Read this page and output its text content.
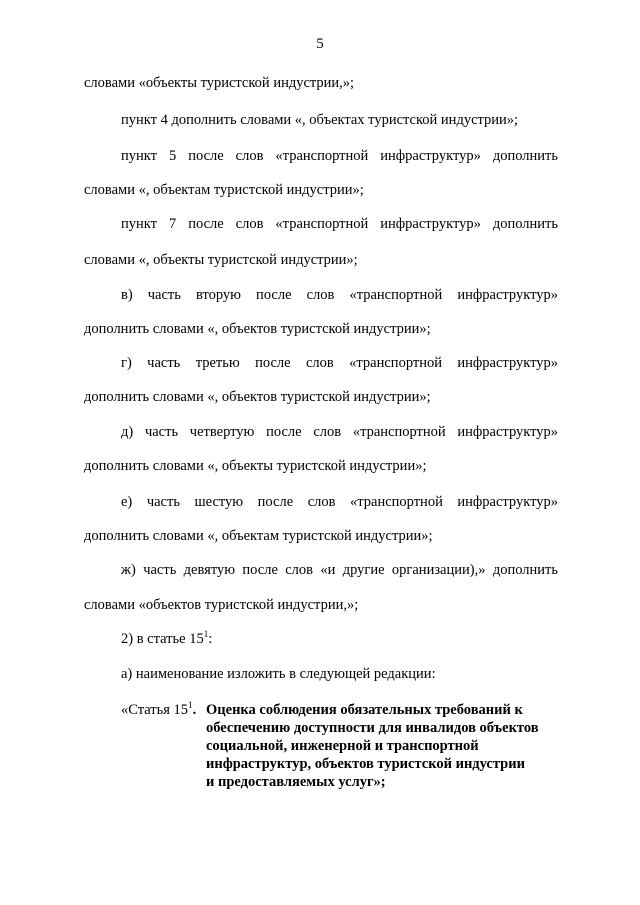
5
словами «объекты туристской индустрии,»;
пункт 4 дополнить словами «, объектах туристской индустрии»;
пункт 5 после слов «транспортной инфраструктур» дополнить
словами «, объектам туристской индустрии»;
пункт 7 после слов «транспортной инфраструктур» дополнить
словами «, объекты туристской индустрии»;
в) часть вторую после слов «транспортной инфраструктур»
дополнить словами «, объектов туристской индустрии»;
г) часть третью после слов «транспортной инфраструктур»
дополнить словами «, объектов туристской индустрии»;
д) часть четвертую после слов «транспортной инфраструктур»
дополнить словами «, объекты туристской индустрии»;
е) часть шестую после слов «транспортной инфраструктур»
дополнить словами «, объектам туристской индустрии»;
ж) часть девятую после слов «и другие организации),» дополнить
словами «объектов туристской индустрии,»;
2) в статье $15^1$:
а) наименование изложить в следующей редакции:
«Статья $15^1$. Оценка соблюдения обязательных требований к
обеспечению доступности для инвалидов объектов
социальной, инженерной и транспортной
инфраструктур, объектов туристской индустрии
и предоставляемых услуг»;
